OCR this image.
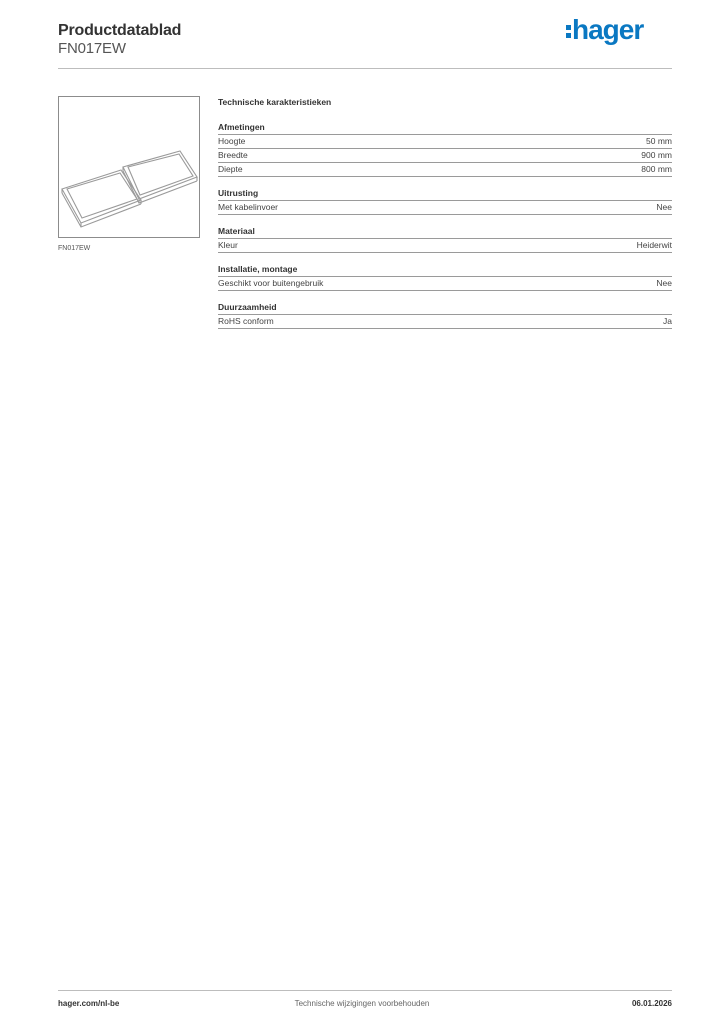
Productdatablad
FN017EW
hager
FN017EW
Technische karakteristieken
Afmetingen
Hoogte	50 mm
Breedte	900 mm
Diepte	800 mm
Uitrusting
Met kabelinvoer	Nee
Materiaal
Kleur	Heiderwit
Installatie, montage
Geschikt voor buitengebruik	Nee
Duurzaamheid
RoHS conform	Ja
hager.com/nl-be	Technische wijzigingen voorbehouden	06.01.2026
